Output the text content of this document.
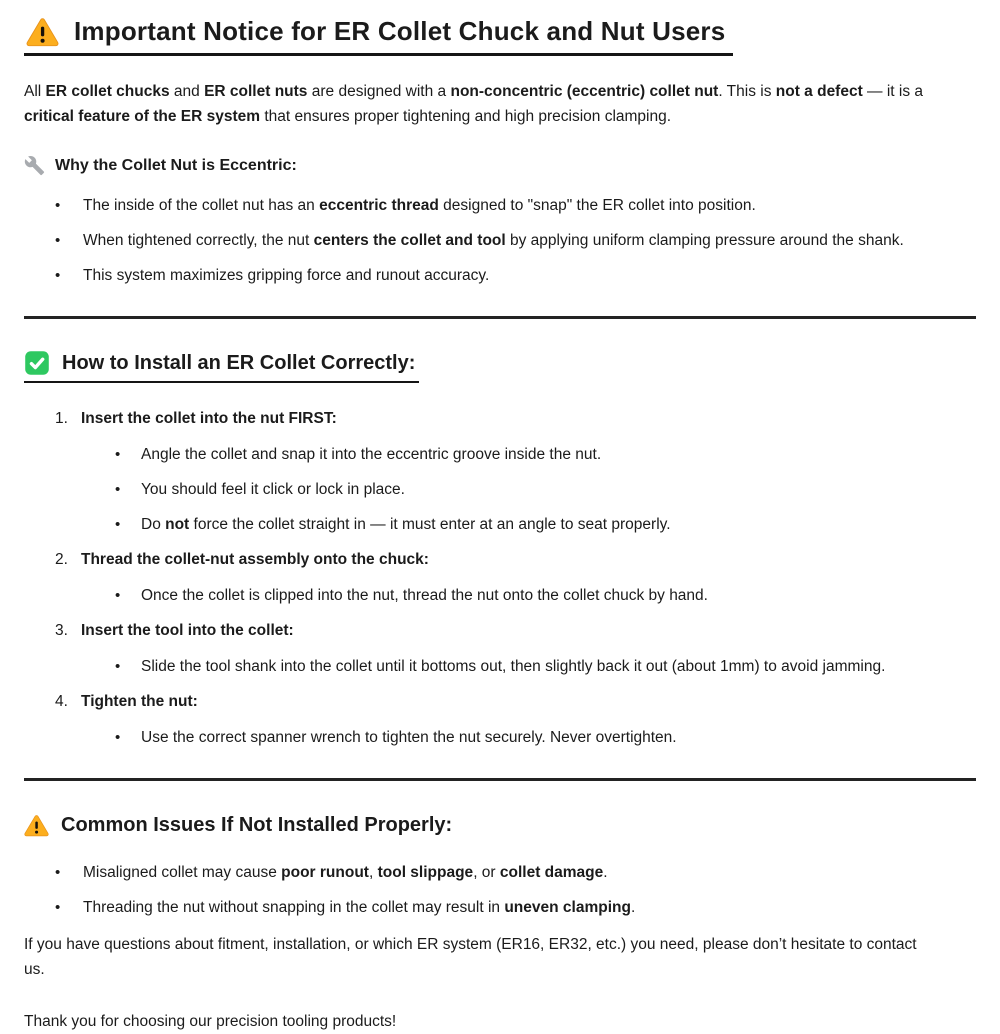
Important Notice for ER Collet Chuck and Nut Users
All ER collet chucks and ER collet nuts are designed with a non-concentric (eccentric) collet nut. This is not a defect — it is a critical feature of the ER system that ensures proper tightening and high precision clamping.
Why the Collet Nut is Eccentric:
•
The inside of the collet nut has an eccentric thread designed to "snap" the ER collet into position.
•
When tightened correctly, the nut centers the collet and tool by applying uniform clamping pressure around the shank.
•
This system maximizes gripping force and runout accuracy.
How to Install an ER Collet Correctly:
1. Insert the collet into the nut FIRST:
•
Angle the collet and snap it into the eccentric groove inside the nut.
•
You should feel it click or lock in place.
•
Do not force the collet straight in — it must enter at an angle to seat properly.
2. Thread the collet-nut assembly onto the chuck:
•
Once the collet is clipped into the nut, thread the nut onto the collet chuck by hand.
3. Insert the tool into the collet:
•
Slide the tool shank into the collet until it bottoms out, then slightly back it out (about 1mm) to avoid jamming.
4. Tighten the nut:
•
Use the correct spanner wrench to tighten the nut securely. Never overtighten.
Common Issues If Not Installed Properly:
•
Misaligned collet may cause poor runout, tool slippage, or collet damage.
•
Threading the nut without snapping in the collet may result in uneven clamping.
If you have questions about fitment, installation, or which ER system (ER16, ER32, etc.) you need, please don’t hesitate to contact us.
Thank you for choosing our precision tooling products!
